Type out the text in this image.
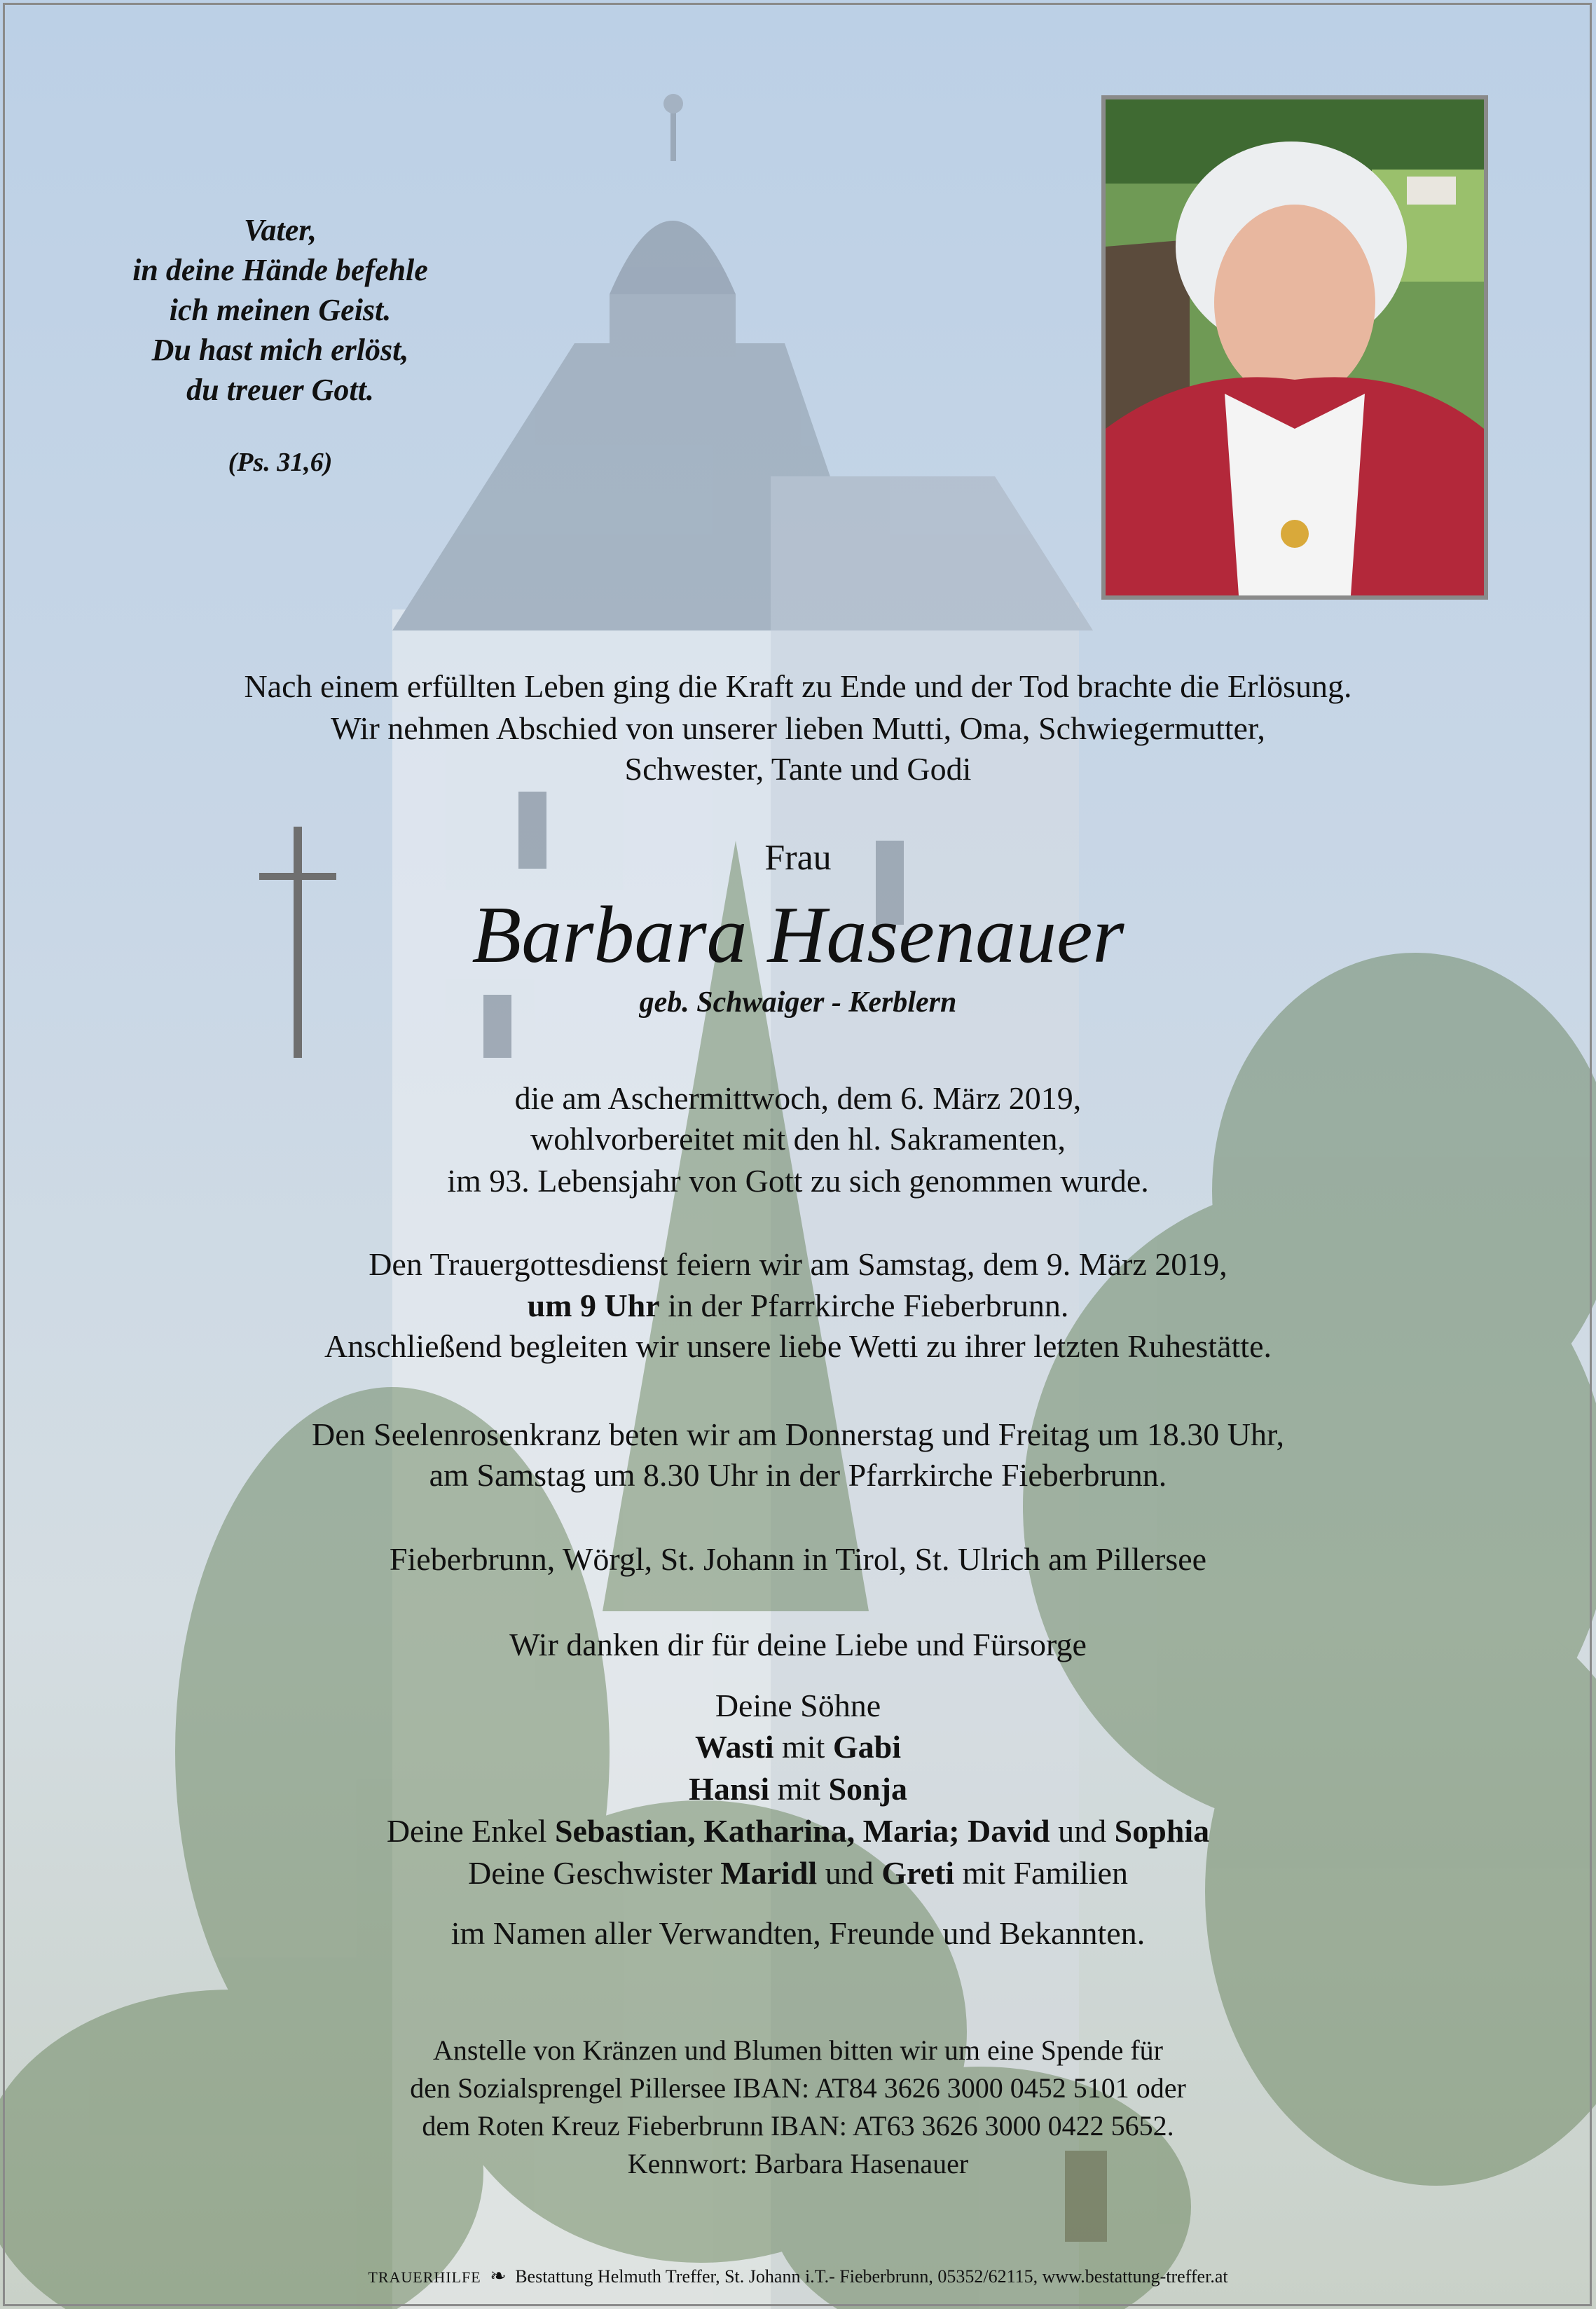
Vater,
in deine Hände befehle
ich meinen Geist.
Du hast mich erlöst,
du treuer Gott.
(Ps. 31,6)
Nach einem erfüllten Leben ging die Kraft zu Ende und der Tod brachte die Erlösung.
Wir nehmen Abschied von unserer lieben Mutti, Oma, Schwiegermutter,
Schwester, Tante und Godi
Frau
Barbara Hasenauer
geb. Schwaiger - Kerblern
die am Aschermittwoch, dem 6. März 2019,
wohlvorbereitet mit den hl. Sakramenten,
im 93. Lebensjahr von Gott zu sich genommen wurde.
Den Trauergottesdienst feiern wir am Samstag, dem 9. März 2019,
um 9 Uhr in der Pfarrkirche Fieberbrunn.
Anschließend begleiten wir unsere liebe Wetti zu ihrer letzten Ruhestätte.
Den Seelenrosenkranz beten wir am Donnerstag und Freitag um 18.30 Uhr,
am Samstag um 8.30 Uhr in der Pfarrkirche Fieberbrunn.
Fieberbrunn, Wörgl, St. Johann in Tirol, St. Ulrich am Pillersee
Wir danken dir für deine Liebe und Fürsorge
Deine Söhne
Wasti mit Gabi
Hansi mit Sonja
Deine Enkel Sebastian, Katharina, Maria; David und Sophia
Deine Geschwister Maridl und Greti mit Familien
im Namen aller Verwandten, Freunde und Bekannten.
Anstelle von Kränzen und Blumen bitten wir um eine Spende für
den Sozialsprengel Pillersee IBAN: AT84 3626 3000 0452 5101 oder
dem Roten Kreuz Fieberbrunn IBAN: AT63 3626 3000 0422 5652.
Kennwort: Barbara Hasenauer
TRAUERHILFE ❧ Bestattung Helmuth Treffer, St. Johann i.T.- Fieberbrunn, 05352/62115, www.bestattung-treffer.at
